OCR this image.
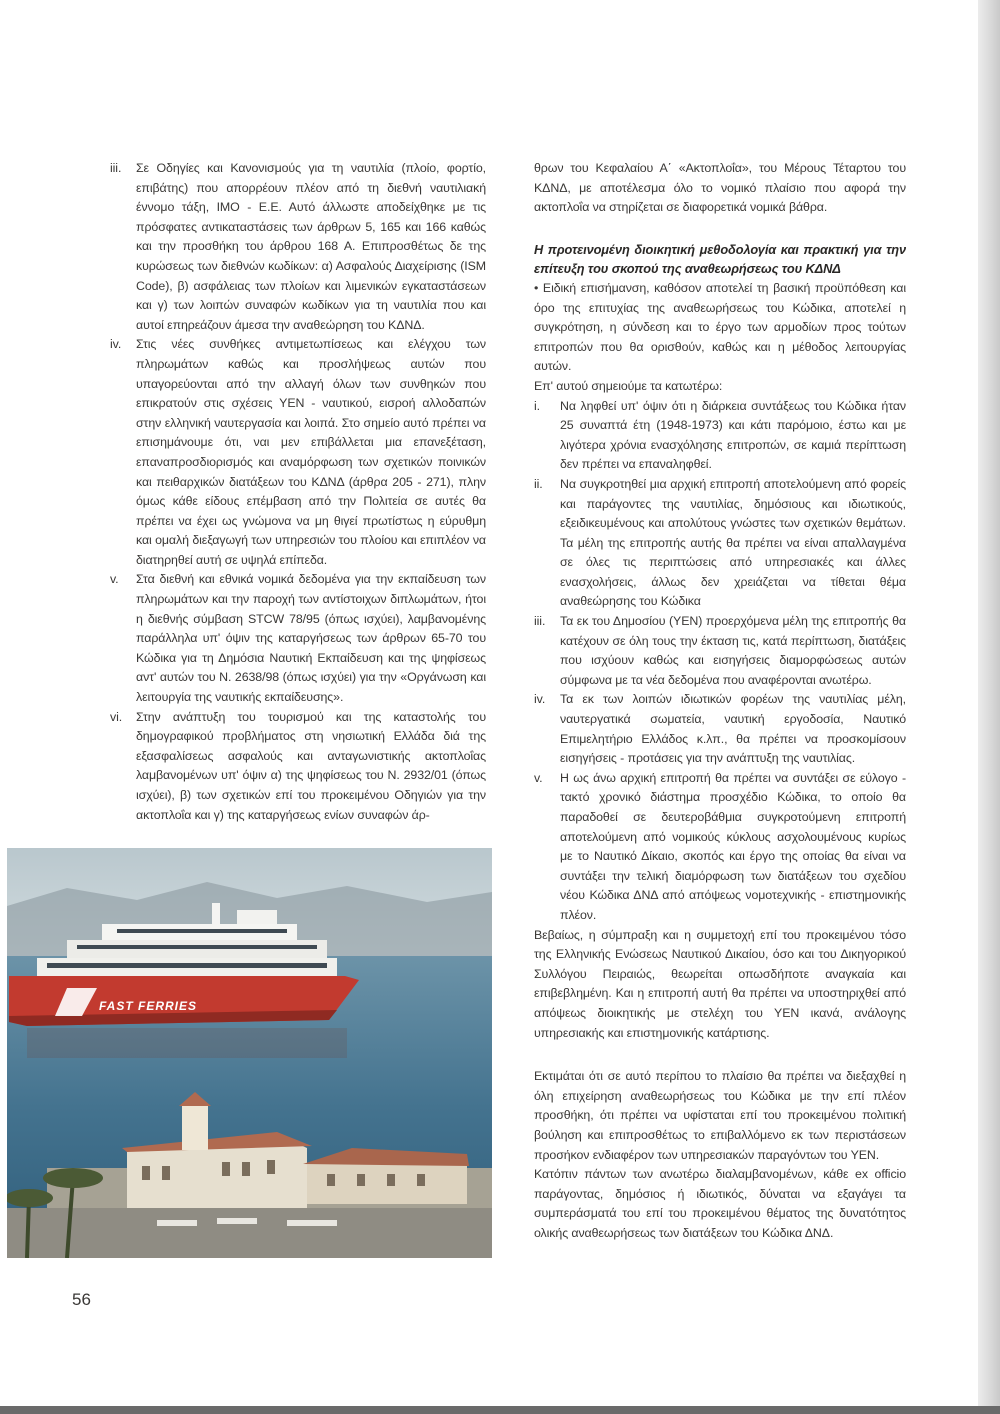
iii. Σε Οδηγίες και Κανονισμούς για τη ναυτιλία (πλοίο, φορτίο, επιβάτης) που απορρέουν πλέον από τη διεθνή ναυτιλιακή έννομο τάξη, ΙΜΟ - Ε.Ε. Αυτό άλλωστε αποδείχθηκε με τις πρόσφατες αντικαταστάσεις των άρθρων 5, 165 και 166 καθώς και την προσθήκη του άρθρου 168 Α. Επιπροσθέτως δε της κυρώσεως των διεθνών κωδίκων: α) Ασφαλούς Διαχείρισης (ISM Code), β) ασφάλειας των πλοίων και λιμενικών εγκαταστάσεων και γ) των λοιπών συναφών κωδίκων για τη ναυτιλία που και αυτοί επηρεάζουν άμεσα την αναθεώρηση του ΚΔΝΔ.

iv. Στις νέες συνθήκες αντιμετωπίσεως και ελέγχου των πληρωμάτων καθώς και προσλήψεως αυτών που υπαγορεύονται από την αλλαγή όλων των συνθηκών που επικρατούν στις σχέσεις ΥΕΝ - ναυτικού, εισροή αλλοδαπών στην ελληνική ναυτεργασία και λοιπά. Στο σημείο αυτό πρέπει να επισημάνουμε ότι, ναι μεν επιβάλλεται μια επανεξέταση, επαναπροσδιορισμός και αναμόρφωση των σχετικών ποινικών και πειθαρχικών διατάξεων του ΚΔΝΔ (άρθρα 205 - 271), πλην όμως κάθε είδους επέμβαση από την Πολιτεία σε αυτές θα πρέπει να έχει ως γνώμονα να μη θιγεί πρωτίστως η εύρυθμη και ομαλή διεξαγωγή των υπηρεσιών του πλοίου και επιπλέον να διατηρηθεί αυτή σε υψηλά επίπεδα.

v. Στα διεθνή και εθνικά νομικά δεδομένα για την εκπαίδευση των πληρωμάτων και την παροχή των αντίστοιχων διπλωμάτων, ήτοι η διεθνής σύμβαση STCW 78/95 (όπως ισχύει), λαμβανομένης παράλληλα υπ' όψιν της καταργήσεως των άρθρων 65-70 του Κώδικα για τη Δημόσια Ναυτική Εκπαίδευση και της ψηφίσεως αντ' αυτών του Ν. 2638/98 (όπως ισχύει) για την «Οργάνωση και λειτουργία της ναυτικής εκπαίδευσης».

vi. Στην ανάπτυξη του τουρισμού και της καταστολής του δημογραφικού προβλήματος στη νησιωτική Ελλάδα διά της εξασφαλίσεως ασφαλούς και ανταγωνιστικής ακτοπλοΐας λαμβανομένων υπ' όψιν α) της ψηφίσεως του Ν. 2932/01 (όπως ισχύει), β) των σχετικών επί του προκειμένου Οδηγιών για την ακτοπλοΐα και γ) της καταργήσεως ενίων συναφών άρ-

FAST FERRIES

θρων του Κεφαλαίου Α΄ «Ακτοπλοΐα», του Μέρους Τέταρτου του ΚΔΝΔ, με αποτέλεσμα όλο το νομικό πλαίσιο που αφορά την ακτοπλοΐα να στηρίζεται σε διαφορετικά νομικά βάθρα.

Η προτεινομένη διοικητική μεθοδολογία και πρακτική για την επίτευξη του σκοπού της αναθεωρήσεως του ΚΔΝΔ

• Ειδική επισήμανση, καθόσον αποτελεί τη βασική προϋπόθεση και όρο της επιτυχίας της αναθεωρήσεως του Κώδικα, αποτελεί η συγκρότηση, η σύνδεση και το έργο των αρμοδίων προς τούτων επιτροπών που θα ορισθούν, καθώς και η μέθοδος λειτουργίας αυτών.

Επ' αυτού σημειούμε τα κατωτέρω:

i. Να ληφθεί υπ' όψιν ότι η διάρκεια συντάξεως του Κώδικα ήταν 25 συναπτά έτη (1948-1973) και κάτι παρόμοιο, έστω και με λιγότερα χρόνια ενασχόλησης επιτροπών, σε καμιά περίπτωση δεν πρέπει να επαναληφθεί.

ii. Να συγκροτηθεί μια αρχική επιτροπή αποτελούμενη από φορείς και παράγοντες της ναυτιλίας, δημόσιους και ιδιωτικούς, εξειδικευμένους και απολύτους γνώστες των σχετικών θεμάτων. Τα μέλη της επιτροπής αυτής θα πρέπει να είναι απαλλαγμένα σε όλες τις περιπτώσεις από υπηρεσιακές και άλλες ενασχολήσεις, άλλως δεν χρειάζεται να τίθεται θέμα αναθεώρησης του Κώδικα

iii. Τα εκ του Δημοσίου (ΥΕΝ) προερχόμενα μέλη της επιτροπής θα κατέχουν σε όλη τους την έκταση τις, κατά περίπτωση, διατάξεις που ισχύουν καθώς και εισηγήσεις διαμορφώσεως αυτών σύμφωνα με τα νέα δεδομένα που αναφέρονται ανωτέρω.

iv. Τα εκ των λοιπών ιδιωτικών φορέων της ναυτιλίας μέλη, ναυτεργατικά σωματεία, ναυτική εργοδοσία, Ναυτικό Επιμελητήριο Ελλάδος κ.λπ., θα πρέπει να προσκομίσουν εισηγήσεις - προτάσεις για την ανάπτυξη της ναυτιλίας.

v. Η ως άνω αρχική επιτροπή θα πρέπει να συντάξει σε εύλογο - τακτό χρονικό διάστημα προσχέδιο Κώδικα, το οποίο θα παραδοθεί σε δευτεροβάθμια συγκροτούμενη επιτροπή αποτελούμενη από νομικούς κύκλους ασχολουμένους κυρίως με το Ναυτικό Δίκαιο, σκοπός και έργο της οποίας θα είναι να συντάξει την τελική διαμόρφωση των διατάξεων του σχεδίου νέου Κώδικα ΔΝΔ από απόψεως νομοτεχνικής - επιστημονικής πλέον.

Βεβαίως, η σύμπραξη και η συμμετοχή επί του προκειμένου τόσο της Ελληνικής Ενώσεως Ναυτικού Δικαίου, όσο και του Δικηγορικού Συλλόγου Πειραιώς, θεωρείται οπωσδήποτε αναγκαία και επιβεβλημένη. Και η επιτροπή αυτή θα πρέπει να υποστηριχθεί από απόψεως διοικητικής με στελέχη του ΥΕΝ ικανά, ανάλογης υπηρεσιακής και επιστημονικής κατάρτισης.

Εκτιμάται ότι σε αυτό περίπου το πλαίσιο θα πρέπει να διεξαχθεί η όλη επιχείρηση αναθεωρήσεως του Κώδικα με την επί πλέον προσθήκη, ότι πρέπει να υφίσταται επί του προκειμένου πολιτική βούληση και επιπροσθέτως το επιβαλλόμενο εκ των περιστάσεων προσήκον ενδιαφέρον των υπηρεσιακών παραγόντων του ΥΕΝ.

Κατόπιν πάντων των ανωτέρω διαλαμβανομένων, κάθε ex officio παράγοντας, δημόσιος ή ιδιωτικός, δύναται να εξαγάγει τα συμπεράσματά του επί του προκειμένου θέματος της δυνατότητος ολικής αναθεωρήσεως των διατάξεων του Κώδικα ΔΝΔ.

56
